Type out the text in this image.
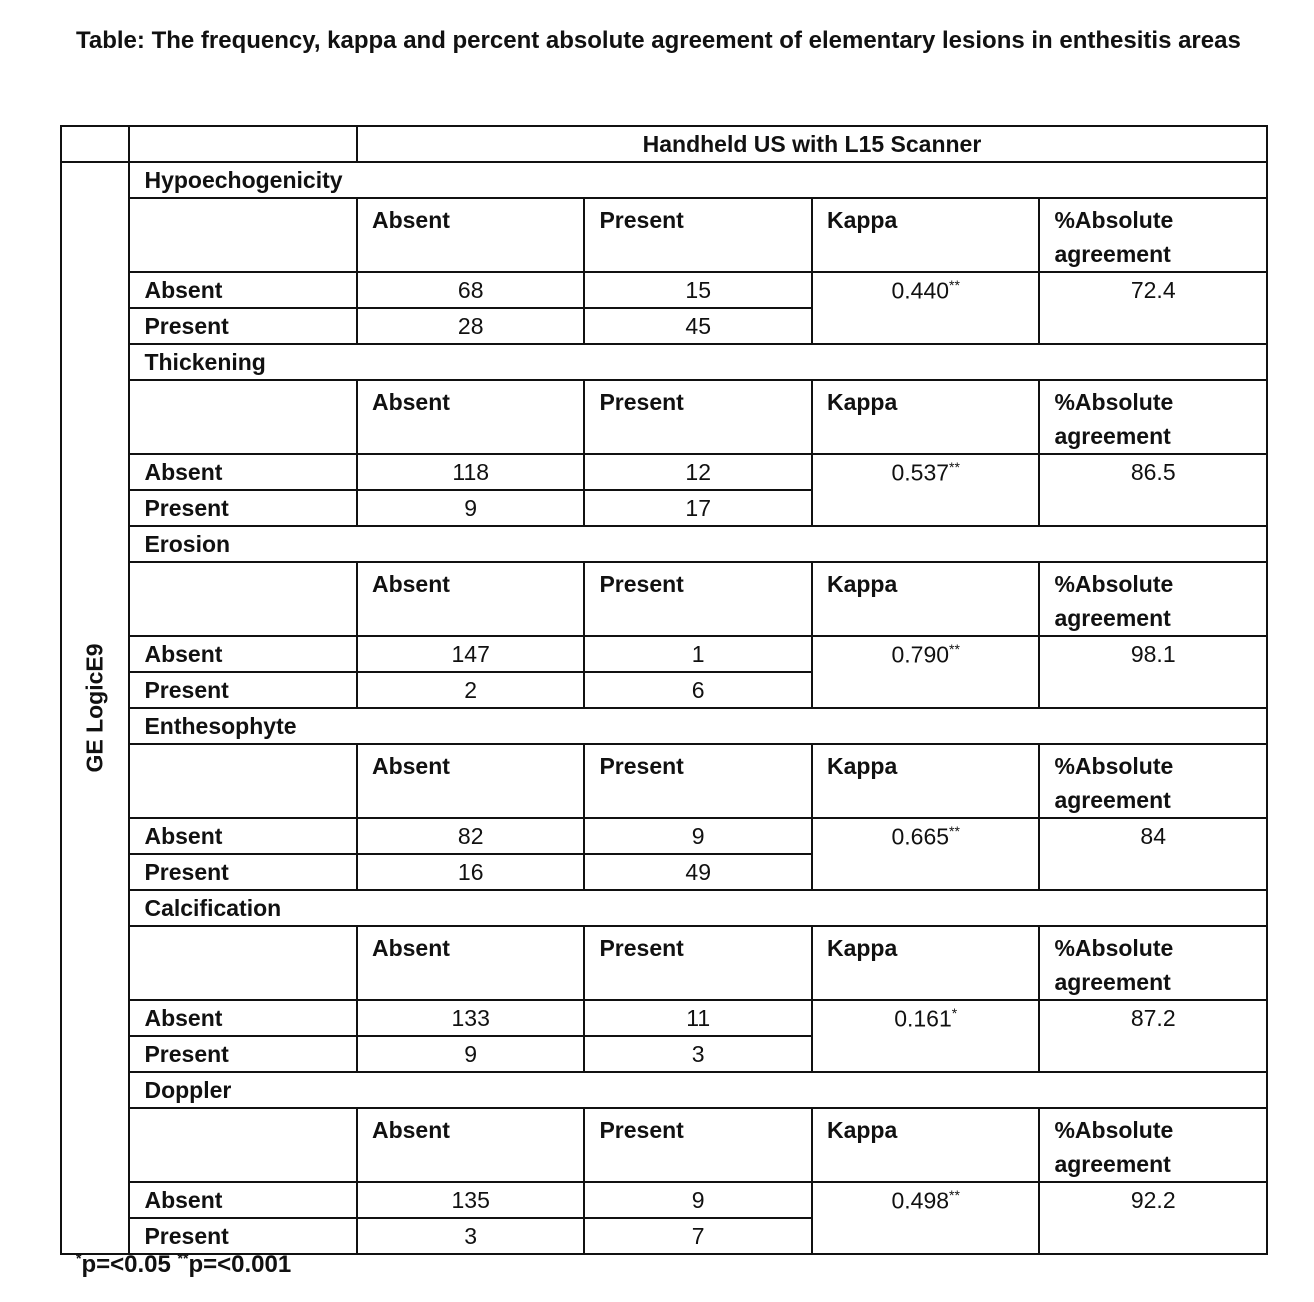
Table: The frequency, kappa and percent absolute agreement of elementary lesions in enthesitis areas
		Handheld US with L15 Scanner			

GE LogicE9	Hypoechogenicity				
		Absent	Present	Kappa	%Absolute agreement
	Absent	68	15	0.440**	72.4
	Present	28	45		
	Thickening				
		Absent	Present	Kappa	%Absolute agreement
	Absent	118	12	0.537**	86.5
	Present	9	17		
	Erosion				
		Absent	Present	Kappa	%Absolute agreement
	Absent	147	1	0.790**	98.1
	Present	2	6		
	Enthesophyte				
		Absent	Present	Kappa	%Absolute agreement
	Absent	82	9	0.665**	84
	Present	16	49		
	Calcification				
		Absent	Present	Kappa	%Absolute agreement
	Absent	133	11	0.161*	87.2
	Present	9	3		
	Doppler				
		Absent	Present	Kappa	%Absolute agreement
	Absent	135	9	0.498**	92.2
	Present	3	7		
*p=<0.05 **p=<0.001
